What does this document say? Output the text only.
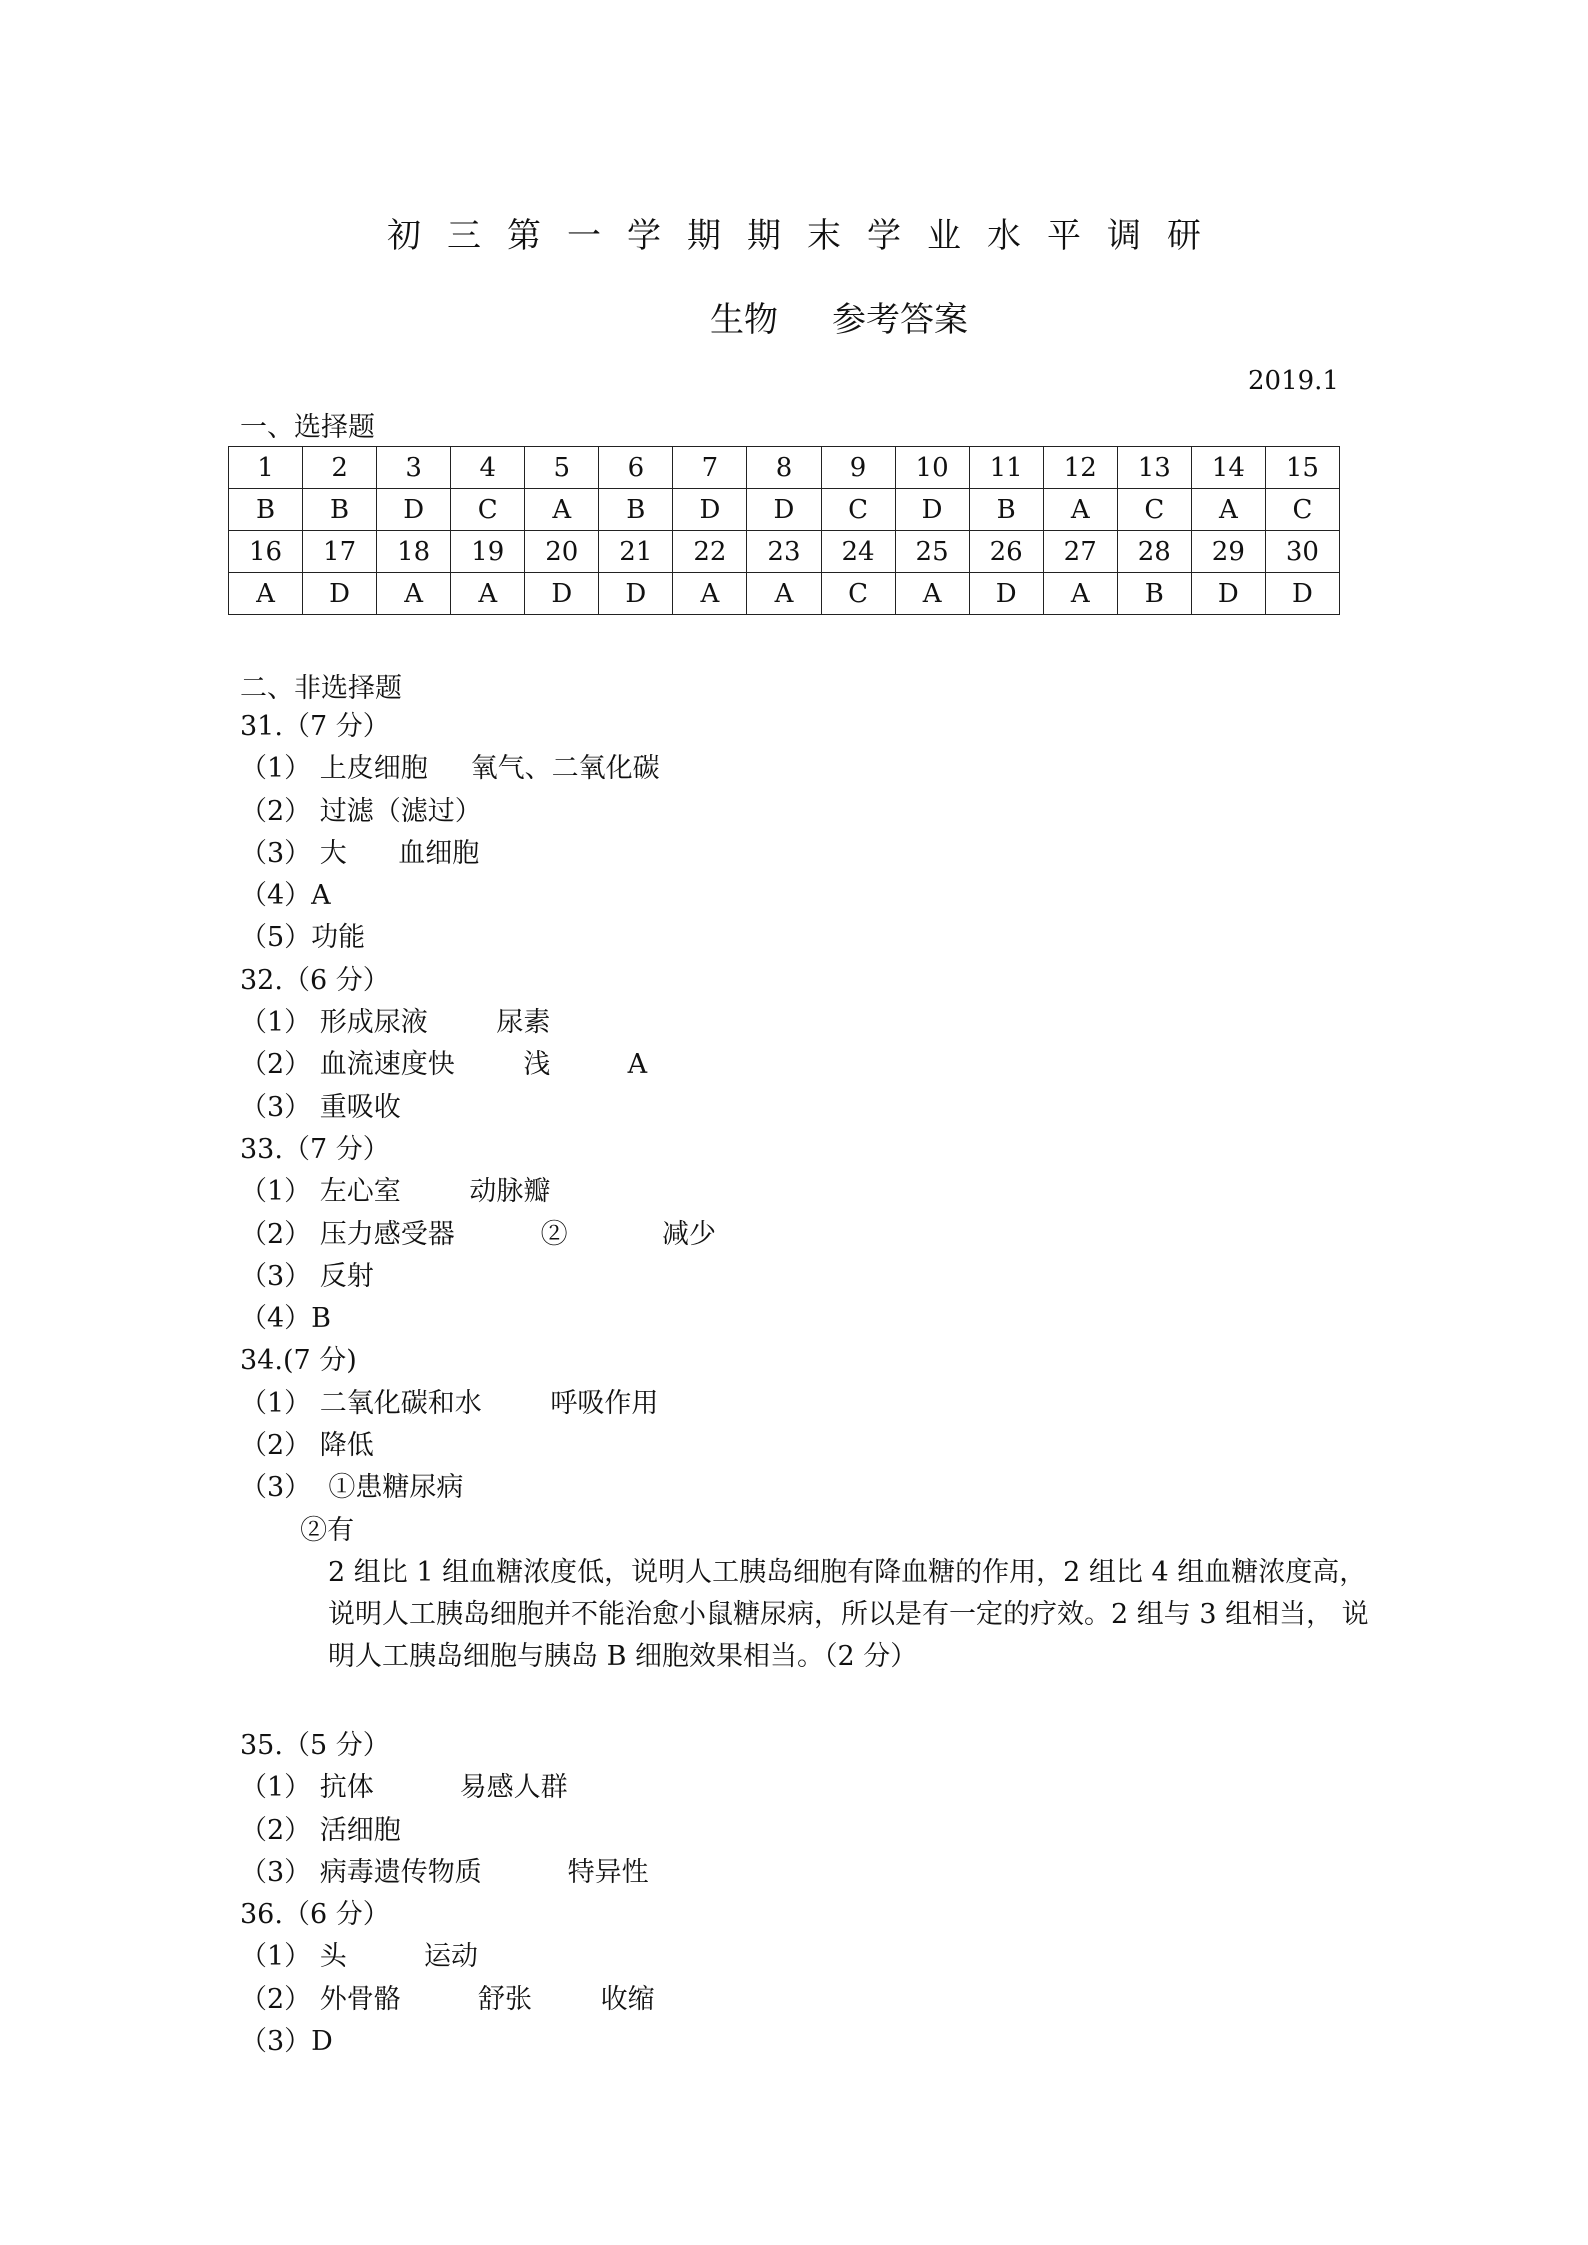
初三第一学期期末学业水平调研
生物     参考答案
2019.1
一、选择题
1	2	3	4	5	6	7	8	9	10	11	12	13	14	15
B	B	D	C	A	B	D	D	C	D	B	A	C	A	C
16	17	18	19	20	21	22	23	24	25	26	27	28	29	30
A	D	A	A	D	D	A	A	C	A	D	A	B	D	D
二、非选择题
31.（7 分）
（1） 上皮细胞     氧气、二氧化碳
（2） 过滤（滤过）
（3） 大      血细胞
（4）A
（5）功能
32.（6 分）
（1） 形成尿液        尿素
（2） 血流速度快        浅         A
（3） 重吸收
33.（7 分）
（1） 左心室        动脉瓣
（2） 压力感受器          ②           减少
（3） 反射
（4）B
34.(7 分)
（1） 二氧化碳和水        呼吸作用
（2） 降低
（3）  ①患糖尿病
②有
2 组比 1 组血糖浓度低，说明人工胰岛细胞有降血糖的作用，2 组比 4 组血糖浓度高，说明人工胰岛细胞并不能治愈小鼠糖尿病，所以是有一定的疗效。2 组与 3 组相当， 说明人工胰岛细胞与胰岛 B 细胞效果相当。（2 分）
35.（5 分）
（1） 抗体          易感人群
（2） 活细胞
（3） 病毒遗传物质          特异性
36.（6 分）
（1） 头         运动
（2） 外骨骼         舒张        收缩
（3）D
